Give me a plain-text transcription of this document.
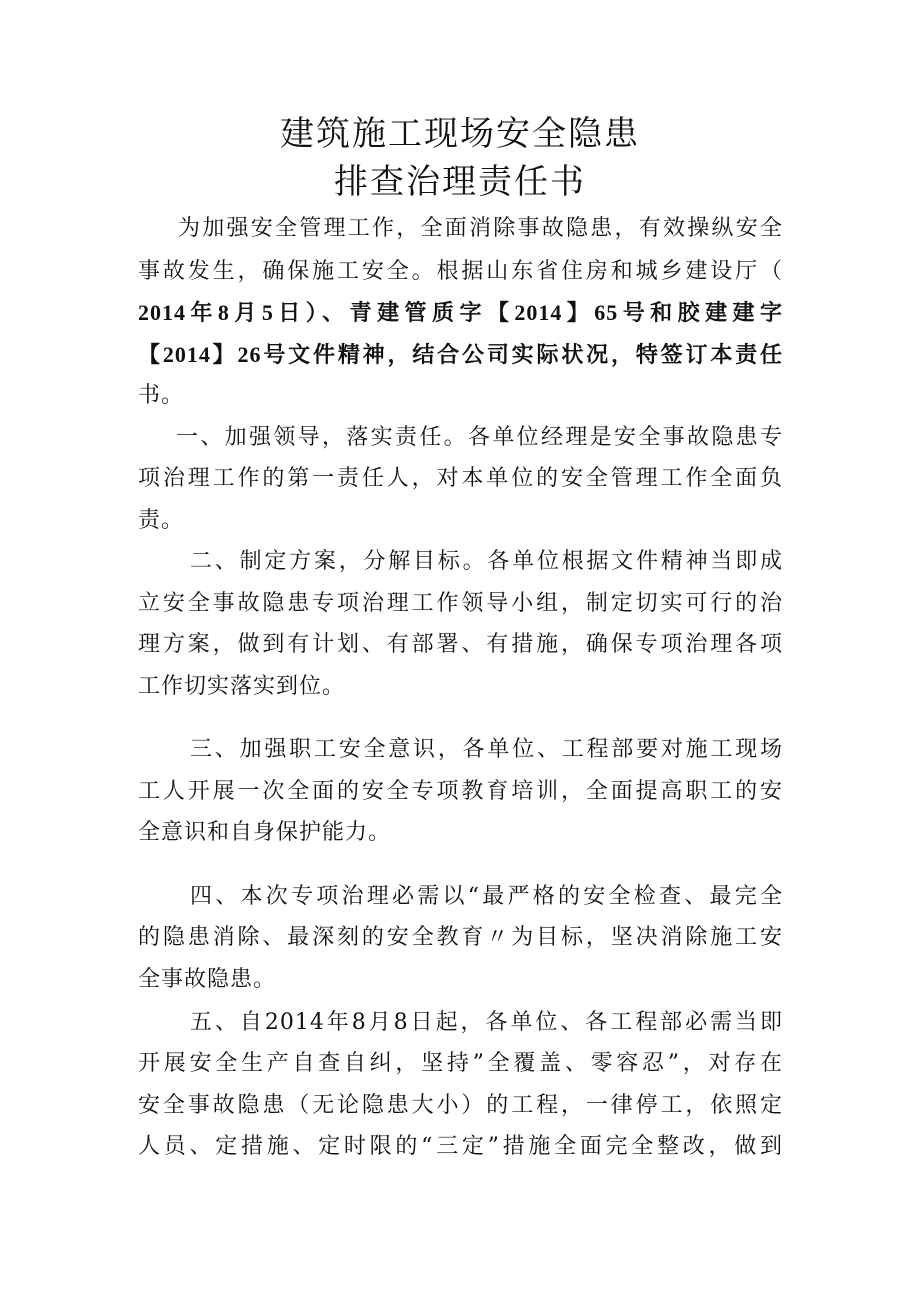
建筑施工现场安全隐患
排查治理责任书
为加强安全管理工作，全面消除事故隐患，有效操纵安全
事故发生，确保施工安全。根据山东省住房和城乡建设厅（
2014年8月5日）、青建管质字【2014】65号和胶建建字
【2014】26号文件精神，结合公司实际状况，特签订本责任
书。
一、加强领导，落实责任。各单位经理是安全事故隐患专
项治理工作的第一责任人，对本单位的安全管理工作全面负
责。
二、制定方案，分解目标。各单位根据文件精神当即成
立安全事故隐患专项治理工作领导小组，制定切实可行的治
理方案，做到有计划、有部署、有措施，确保专项治理各项
工作切实落实到位。
三、加强职工安全意识，各单位、工程部要对施工现场
工人开展一次全面的安全专项教育培训，全面提高职工的安
全意识和自身保护能力。
四、本次专项治理必需以“最严格的安全检查、最完全
的隐患消除、最深刻的安全教育〃为目标，坚决消除施工安
全事故隐患。
五、自2014年8月8日起，各单位、各工程部必需当即
开展安全生产自查自纠，坚持”全覆盖、零容忍”，对存在
安全事故隐患（无论隐患大小）的工程，一律停工，依照定
人员、定措施、定时限的“三定”措施全面完全整改，做到
